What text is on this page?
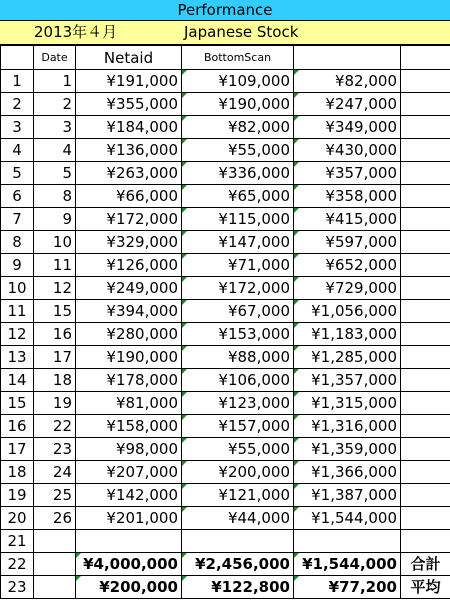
Performance
2013年４月	Japanese Stock
	Date	Netaid	BottomScan		
1	1	¥191,000	¥109,000	¥82,000	
2	2	¥355,000	¥190,000	¥247,000	
3	3	¥184,000	¥82,000	¥349,000	
4	4	¥136,000	¥55,000	¥430,000	
5	5	¥263,000	¥336,000	¥357,000	
6	8	¥66,000	¥65,000	¥358,000	
7	9	¥172,000	¥115,000	¥415,000	
8	10	¥329,000	¥147,000	¥597,000	
9	11	¥126,000	¥71,000	¥652,000	
10	12	¥249,000	¥172,000	¥729,000	
11	15	¥394,000	¥67,000	¥1,056,000	
12	16	¥280,000	¥153,000	¥1,183,000	
13	17	¥190,000	¥88,000	¥1,285,000	
14	18	¥178,000	¥106,000	¥1,357,000	
15	19	¥81,000	¥123,000	¥1,315,000	
16	22	¥158,000	¥157,000	¥1,316,000	
17	23	¥98,000	¥55,000	¥1,359,000	
18	24	¥207,000	¥200,000	¥1,366,000	
19	25	¥142,000	¥121,000	¥1,387,000	
20	26	¥201,000	¥44,000	¥1,544,000	
21					
22		¥4,000,000	¥2,456,000	¥1,544,000	合計
23		¥200,000	¥122,800	¥77,200	平均
